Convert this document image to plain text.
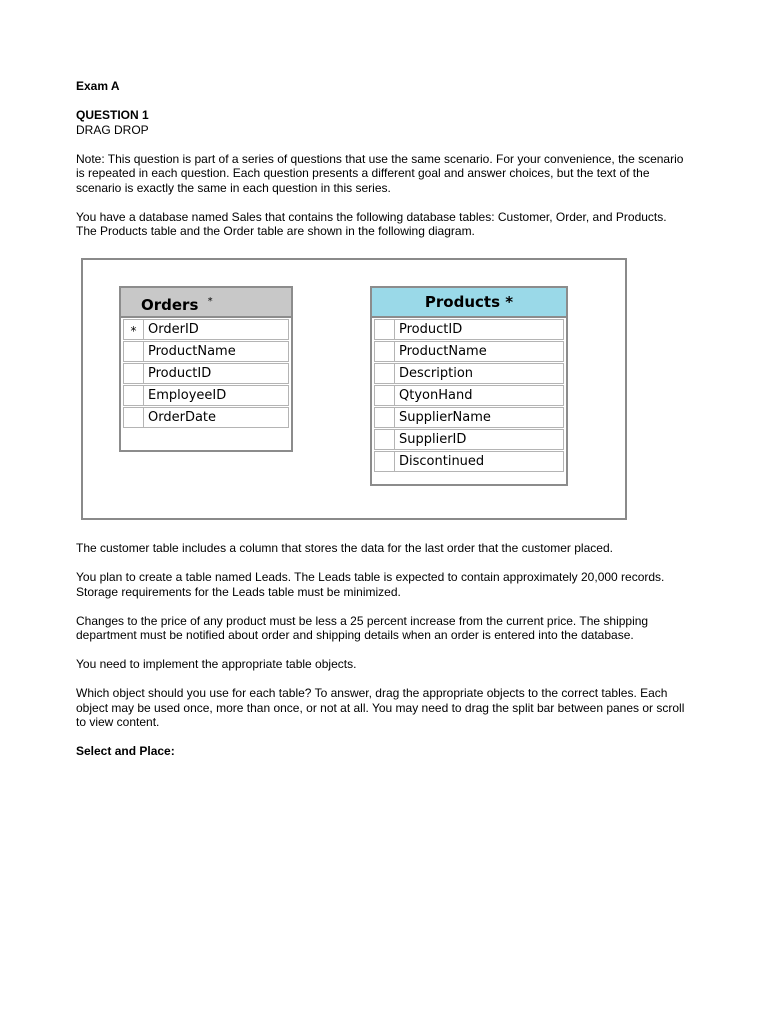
Exam A

QUESTION 1

DRAG DROP

Note: This question is part of a series of questions that use the same scenario. For your convenience, the scenario is repeated in each question. Each question presents a different goal and answer choices, but the text of the scenario is exactly the same in each question in this series.

You have a database named Sales that contains the following database tables: Customer, Order, and Products. The Products table and the Order table are shown in the following diagram.

Orders *
* OrderID
ProductName
ProductID
EmployeeID
OrderDate
Products *
ProductID
ProductName
Description
QtyonHand
SupplierName
SupplierID
Discontinued

The customer table includes a column that stores the data for the last order that the customer placed.

You plan to create a table named Leads. The Leads table is expected to contain approximately 20,000 records. Storage requirements for the Leads table must be minimized.

Changes to the price of any product must be less a 25 percent increase from the current price. The shipping department must be notified about order and shipping details when an order is entered into the database.

You need to implement the appropriate table objects.

Which object should you use for each table? To answer, drag the appropriate objects to the correct tables. Each object may be used once, more than once, or not at all. You may need to drag the split bar between panes or scroll to view content.

Select and Place:
